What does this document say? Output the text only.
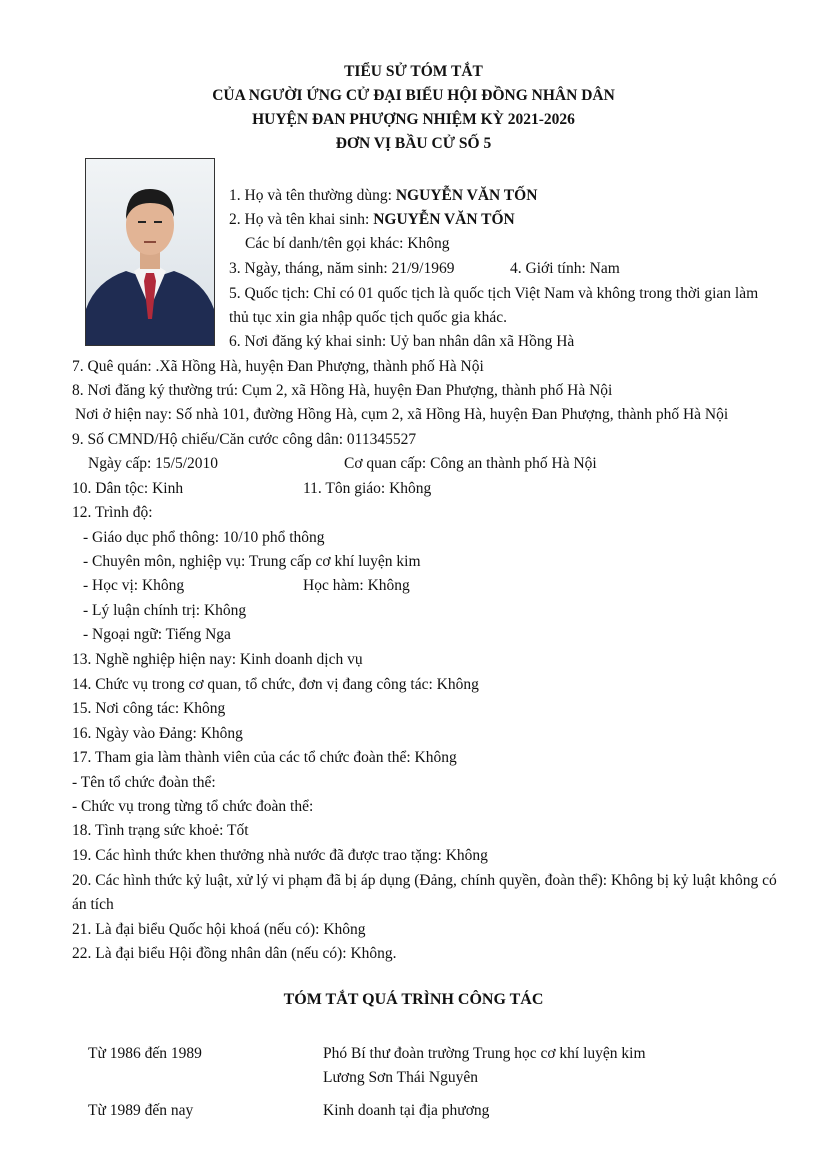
TIỂU SỬ TÓM TẮT
CỦA NGƯỜI ỨNG CỬ ĐẠI BIỂU HỘI ĐỒNG NHÂN DÂN
HUYỆN ĐAN PHƯỢNG NHIỆM KỲ 2021-2026
ĐƠN VỊ BẦU CỬ SỐ 5
1. Họ và tên thường dùng: NGUYỄN VĂN TỐN
2. Họ và tên khai sinh: NGUYỄN VĂN TỐN
Các bí danh/tên gọi khác: Không
3. Ngày, tháng, năm sinh: 21/9/1969	4. Giới tính: Nam
5. Quốc tịch: Chỉ có 01 quốc tịch là quốc tịch Việt Nam và không trong thời gian làm
thủ tục xin gia nhập quốc tịch quốc gia khác.
6. Nơi đăng ký khai sinh: Uỷ ban nhân dân xã Hồng Hà
7. Quê quán: .Xã Hồng Hà, huyện Đan Phượng, thành phố Hà Nội
8. Nơi đăng ký thường trú: Cụm 2, xã Hồng Hà, huyện Đan Phượng, thành phố Hà Nội
Nơi ở hiện nay: Số nhà 101, đường Hồng Hà, cụm 2, xã Hồng Hà, huyện Đan Phượng, thành phố Hà Nội
9. Số CMND/Hộ chiếu/Căn cước công dân: 011345527
Ngày cấp: 15/5/2010	Cơ quan cấp: Công an thành phố Hà Nội
10. Dân tộc: Kinh	11. Tôn giáo: Không
12. Trình độ:
- Giáo dục phổ thông: 10/10 phổ thông
- Chuyên môn, nghiệp vụ: Trung cấp cơ khí luyện kim
- Học vị: Không	Học hàm: Không
- Lý luận chính trị: Không
- Ngoại ngữ: Tiếng Nga
13. Nghề nghiệp hiện nay: Kinh doanh dịch vụ
14. Chức vụ trong cơ quan, tổ chức, đơn vị đang công tác: Không
15. Nơi công tác: Không
16. Ngày vào Đảng: Không
17. Tham gia làm thành viên của các tổ chức đoàn thể: Không
- Tên tổ chức đoàn thể:
- Chức vụ trong từng tổ chức đoàn thể:
18. Tình trạng sức khoẻ: Tốt
19. Các hình thức khen thưởng nhà nước đã được trao tặng: Không
20. Các hình thức kỷ luật, xử lý vi phạm đã bị áp dụng (Đảng, chính quyền, đoàn thể): Không bị kỷ luật không có
án tích
21. Là đại biểu Quốc hội khoá (nếu có): Không
22. Là đại biểu Hội đồng nhân dân (nếu có): Không.
TÓM TẮT QUÁ TRÌNH CÔNG TÁC
Từ 1986 đến 1989	Phó Bí thư đoàn trường Trung học cơ khí luyện kim
Lương Sơn Thái Nguyên
Từ 1989 đến nay	Kinh doanh tại địa phương
